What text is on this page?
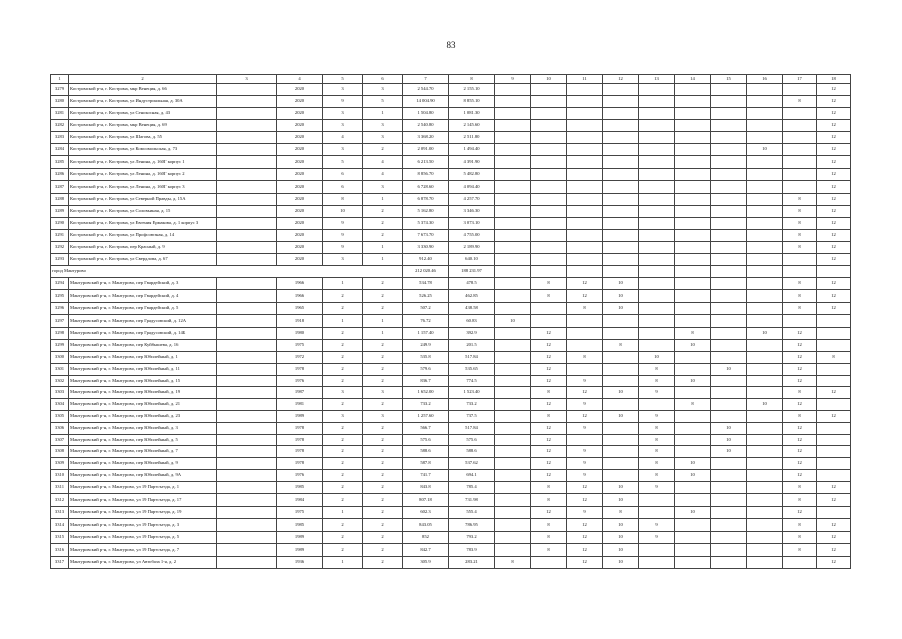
83
1	2	3	4	5	6	7	8	9	10	11	12	13	14	15	16	17	18
3279	Костромской р-н, г. Кострома, мкр Венеция, д. 66		2020	3	3	2 544.70	2 155.10										12
3280	Костромской р-н, г. Кострома, ул Индустриальная, д. 30А		2020	9	5	14 004.90	8 855.10									8	12
3281	Костромской р-н, г. Кострома, ул Сенокосная, д. 43		2020	3	1	1 504.80	1 081.30										12
3282	Костромской р-н, г. Кострома, мкр Венеция, д. 69		2020	3	3	2 540.80	2 145.60										12
3283	Костромской р-н, г. Кострома, ул Шагова, д. 55		2020	4	3	3 368.20	2 511.80										12
3284	Костромской р-н, г. Кострома, ул Комсомольская, д. 73		2020	3	2	2 091.00	1 494.40								10		12
3285	Костромской р-н, г. Кострома, ул Ленина, д. 160Г корпус 1		2020	5	4	6 213.50	4 391.90										12
3286	Костромской р-н, г. Кострома, ул Ленина, д. 160Г корпус 2		2020	6	4	8 856.70	5 482.80										12
3287	Костромской р-н, г. Кострома, ул Ленина, д. 160Г корпус 3		2020	6	3	6 728.60	4 094.40										12
3288	Костромской р-н, г. Кострома, ул Северной Правды, д. 15А		2020	8	1	6 878.70	4 257.70									8	12
3289	Костромской р-н, г. Кострома, ул Соловьиная, д. 15		2020	10	2	5 162.80	3 346.30									8	12
3290	Костромской р-н, г. Кострома, ул Евгения Ермакова, д. 1 корпус 3		2020	9	2	5 374.30	3 073.10									8	12
3291	Костромской р-н, г. Кострома, ул Профсоюзная, д. 14		2020	9	2	7 673.70	4 755.00									8	12
3292	Костромской р-н, г. Кострома, пер Красный, д. 9		2020	9	1	3 330.90	2 189.90									8	12
3293	Костромской р-н, г. Кострома, ул Свердлова, д. 67		2020	3	1	912.40	640.10										12
город Мантурово						212 020.46	188 231.97										
3294	Мантуровский р-н, г. Мантурово, пер Гвардейский, д. 3		1966	1	2	534.78	478.5		8	12	10					8	12
3295	Мантуровский р-н, г. Мантурово, пер Гвардейский, д. 4		1966	2	2	526.25	462.85		8	12	10					8	12
3296	Мантуровский р-н, г. Мантурово, пер Гвардейский, д. 5		1965	2	2	507.2	438.58			8	10					8	12
3297	Мантуровский р-н, г. Мантурово, пер Градусовский, д. 12А		1918	1	1	76.72	60.83	10									
3298	Мантуровский р-н, г. Мантурово, пер Градусовский, д. 14Б		1980	2	1	1 157.40	392.9		12				8		10	12	
3299	Мантуровский р-н, г. Мантурово, пер Куйбышева, д. 16		1975	2	2	249.9	201.5		12		8		10			12	
3300	Мантуровский р-н, г. Мантурово, пер Юбилейный, д. 1		1972	2	2	535.8	517.84		12	8		10				12	8
3301	Мантуровский р-н, г. Мантурово, пер Юбилейный, д. 11		1978	2	2	579.6	535.65		12			8		10		12	
3302	Мантуровский р-н, г. Мантурово, пер Юбилейный, д. 15		1976	2	2	836.7	774.5		12	9		8	10			12	
3303	Мантуровский р-н, г. Мантурово, пер Юбилейный, д. 19		1987	3	3	1 652.00	1 523.40		8	12	10	9				8	12
3304	Мантуровский р-н, г. Мантурово, пер Юбилейный, д. 21		1981	2	2	733.2	733.2		12	9			8		10	12	
3305	Мантуровский р-н, г. Мантурово, пер Юбилейный, д. 23		1989	3	3	1 257.60	737.5		8	12	10	9				8	12
3306	Мантуровский р-н, г. Мантурово, пер Юбилейный, д. 3		1978	2	2	566.7	517.84		12	9		8		10		12	
3307	Мантуровский р-н, г. Мантурово, пер Юбилейный, д. 5		1978	2	2	575.6	575.6		12			8		10		12	
3308	Мантуровский р-н, г. Мантурово, пер Юбилейный, д. 7		1978	2	2	588.6	588.6		12	9		8		10		12	
3309	Мантуровский р-н, г. Мантурово, пер Юбилейный, д. 9		1978	2	2	587.8	537.62		12	9		8	10			12	
3310	Мантуровский р-н, г. Мантурово, пер Юбилейный, д. 9А		1976	2	2	741.7	694.1		12	9		8	10			12	
3311	Мантуровский р-н, г. Мантурово, ул 19 Партсъезда, д. 1		1985	2	2	843.8	785.4		8	12	10	9				8	12
3312	Мантуровский р-н, г. Мантурово, ул 19 Партсъезда, д. 17		1984	2	2	807.18	731.98		8	12	10					8	12
3313	Мантуровский р-н, г. Мантурово, ул 19 Партсъезда, д. 19		1975	1	2	602.3	555.4		12	9	8		10			12	
3314	Мантуровский р-н, г. Мантурово, ул 19 Партсъезда, д. 3		1985	2	2	843.05	786.95		8	12	10	9				8	12
3315	Мантуровский р-н, г. Мантурово, ул 19 Партсъезда, д. 5		1989	2	2	852	793.2		8	12	10	9				8	12
3316	Мантуровский р-н, г. Мантурово, ул 19 Партсъезда, д. 7		1989	2	2	842.7	783.9		8	12	10					8	12
3317	Мантуровский р-н, г. Мантурово, ул Автобаза 1-я, д. 2		1936	1	2	305.9	283.21	8		12	10						12
